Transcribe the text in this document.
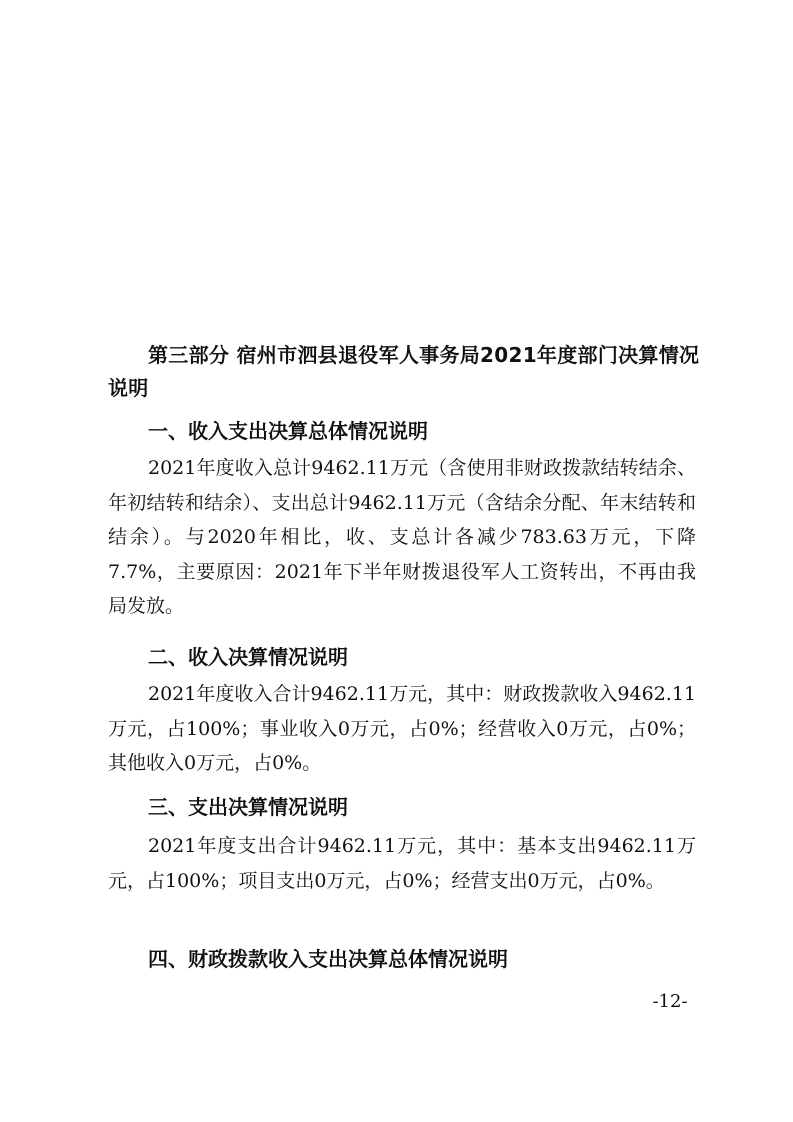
第三部分 宿州市泗县退役军人事务局2021年度部门决算情况说明

一、收入支出决算总体情况说明

2021年度收入总计9462.11万元（含使用非财政拨款结转结余、年初结转和结余）、支出总计9462.11万元（含结余分配、年末结转和结余）。与2020年相比，收、支总计各减少783.63万元，下降7.7%，主要原因：2021年下半年财拨退役军人工资转出，不再由我局发放。

二、收入决算情况说明

2021年度收入合计9462.11万元，其中：财政拨款收入9462.11万元，占100%；事业收入0万元，占0%；经营收入0万元，占0%；其他收入0万元，占0%。

三、支出决算情况说明

2021年度支出合计9462.11万元，其中：基本支出9462.11万元，占100%；项目支出0万元，占0%；经营支出0万元，占0%。

四、财政拨款收入支出决算总体情况说明

-12-
